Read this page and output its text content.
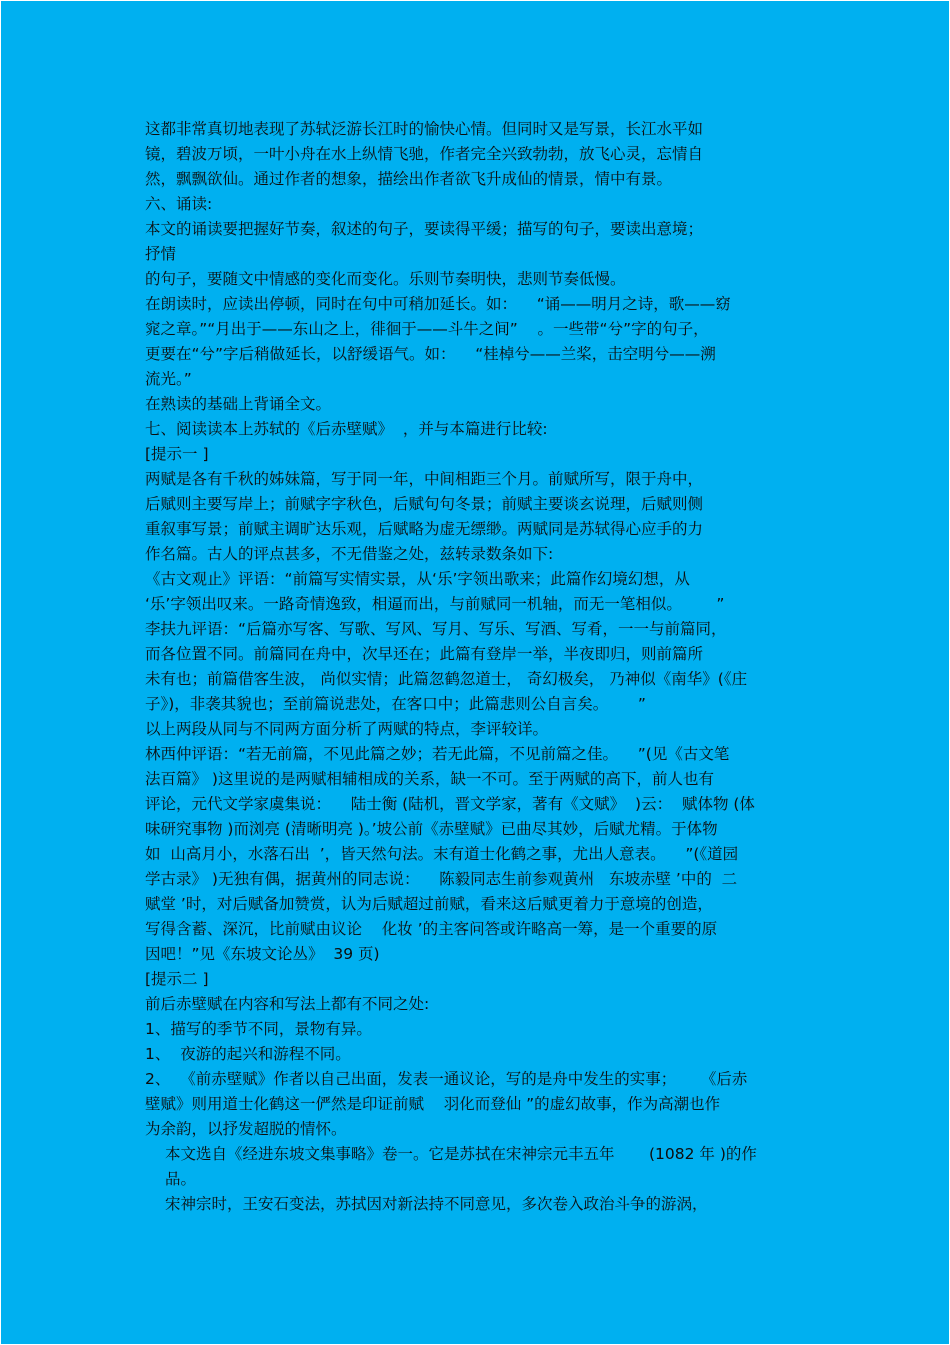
这都非常真切地表现了苏轼泛游长江时的愉快心情。但同时又是写景，长江水平如
镜，碧波万顷，一叶小舟在水上纵情飞驰，作者完全兴致勃勃，放飞心灵，忘情自
然，飘飘欲仙。通过作者的想象，描绘出作者欲飞升成仙的情景，情中有景。
六、诵读:
本文的诵读要把握好节奏，叙述的句子，要读得平缓；描写的句子，要读出意境；
抒情
的句子，要随文中情感的变化而变化。乐则节奏明快，悲则节奏低慢。
在朗读时，应读出停顿，同时在句中可稍加延长。如：    “诵——明月之诗，歌——窈
窕之章。”“月出于——东山之上，徘徊于——斗牛之间”    。一些带“兮”字的句子，
更要在“兮”字后稍做延长，以舒缓语气。如：    “桂棹兮——兰桨，击空明兮——溯
流光。”
在熟读的基础上背诵全文。
七、阅读读本上苏轼的《后赤壁赋》  ，并与本篇进行比较:
[提示一 ]
两赋是各有千秋的姊妹篇，写于同一年，中间相距三个月。前赋所写，限于舟中，
后赋则主要写岸上；前赋字字秋色，后赋句句冬景；前赋主要谈玄说理，后赋则侧
重叙事写景；前赋主调旷达乐观，后赋略为虚无缥缈。两赋同是苏轼得心应手的力
作名篇。古人的评点甚多，不无借鉴之处，兹转录数条如下:
《古文观止》评语：“前篇写实情实景，从‘乐’字领出歌来；此篇作幻境幻想，从
‘乐’字领出叹来。一路奇情逸致，相逼而出，与前赋同一机轴，而无一笔相似。       ”
李扶九评语：“后篇亦写客、写歌、写风、写月、写乐、写酒、写肴，一一与前篇同，
而各位置不同。前篇同在舟中，次早还在；此篇有登岸一举，半夜即归，则前篇所
未有也；前篇借客生波， 尚似实情；此篇忽鹤忽道士， 奇幻极矣， 乃神似《南华》(《庄
子》)，非袭其貌也；至前篇说悲处，在客口中；此篇悲则公自言矣。      ”
以上两段从同与不同两方面分析了两赋的特点，李评较详。
林西仲评语：“若无前篇，不见此篇之妙；若无此篇，不见前篇之佳。    ”(见《古文笔
法百篇》 )这里说的是两赋相辅相成的关系，缺一不可。至于两赋的高下，前人也有
评论，元代文学家虞集说：    陆士衡 (陆机，晋文学家，著有《文赋》  )云：  赋体物 (体
味研究事物 )而浏亮 (清晰明亮 )。’坡公前《赤壁赋》已曲尽其妙，后赋尤精。于体物
如  山高月小，水落石出  ’，皆天然句法。末有道士化鹤之事，尤出人意表。    ”(《道园
学古录》 )无独有偶，据黄州的同志说：    陈毅同志生前参观黄州   东坡赤壁 ’中的  二
赋堂 ’时，对后赋备加赞赏，认为后赋超过前赋，看来这后赋更着力于意境的创造，
写得含蓄、深沉，比前赋由议论    化妆 ’的主客问答或许略高一筹，是一个重要的原
因吧！”见《东坡文论丛》  39 页)
[提示二 ]
前后赤壁赋在内容和写法上都有不同之处:
1、描写的季节不同，景物有异。
1、  夜游的起兴和游程不同。
2、  《前赤壁赋》作者以自己出面，发表一通议论，写的是舟中发生的实事；     《后赤
壁赋》则用道士化鹤这一俨然是印证前赋    羽化而登仙 ”的虚幻故事，作为高潮也作
为余韵，以抒发超脱的情怀。
本文选自《经进东坡文集事略》卷一。它是苏拭在宋神宗元丰五年       (1082 年 )的作
品。
宋神宗时，王安石变法，苏拭因对新法持不同意见，多次卷入政治斗争的游涡，
